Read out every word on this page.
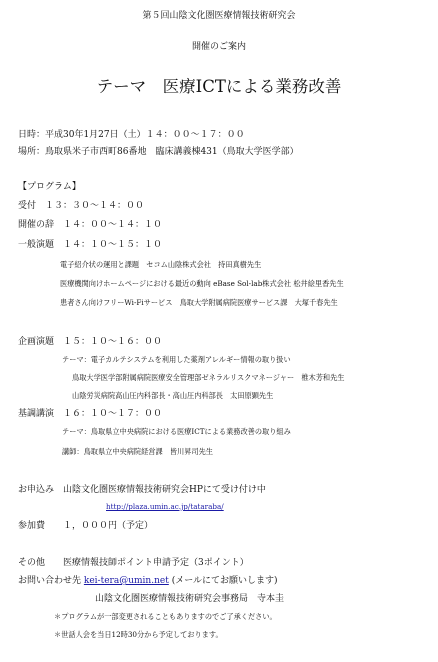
第５回山陰文化圏医療情報技術研究会
開催のご案内
テーマ　医療ICTによる業務改善
日時：平成30年1月27日（土）１４：００～１７：００
場所：鳥取県米子市西町86番地　臨床講義棟431（鳥取大学医学部）
【プログラム】
受付　１３：３０～１４：００
開催の辞　１４：００～１４：１０
一般演題　１４：１０～１５：１０
電子紹介状の運用と課題　セコム山陰株式会社　持田真樹先生
医療機関向けホームページにおける最近の動向 eBase Sol-lab株式会社 松井絵里香先生
患者さん向けフリーWi-Fiサービス　鳥取大学附属病院医療サービス課　大塚千春先生
企画演題　１５：１０～１６：００
テーマ：電子カルテシステムを利用した薬剤アレルギー情報の取り扱い
鳥取大学医学部附属病院医療安全管理部ゼネラルリスクマネージャー　椎木芳和先生
山陰労災病院高山圧内科部長・高山圧内科部長　太田原顕先生
基調講演　１６：１０～１７：００
テーマ：鳥取県立中央病院における医療ICTによる業務改善の取り組み
講師：鳥取県立中央病院経営課　皆川昇司先生
お申込み　山陰文化圏医療情報技術研究会HPにて受け付け中
http://plaza.umin.ac.jp/tataraba/
参加費　　１，０００円（予定）
その他　　医療情報技師ポイント申請予定（3ポイント）
お問い合わせ先 kei-tera@umin.net (メールにてお願いします)
山陰文化圏医療情報技術研究会事務局　寺本圭
＊プログラムが一部変更されることもありますのでご了承ください。
＊世話人会を当日12時30分から予定しております。
